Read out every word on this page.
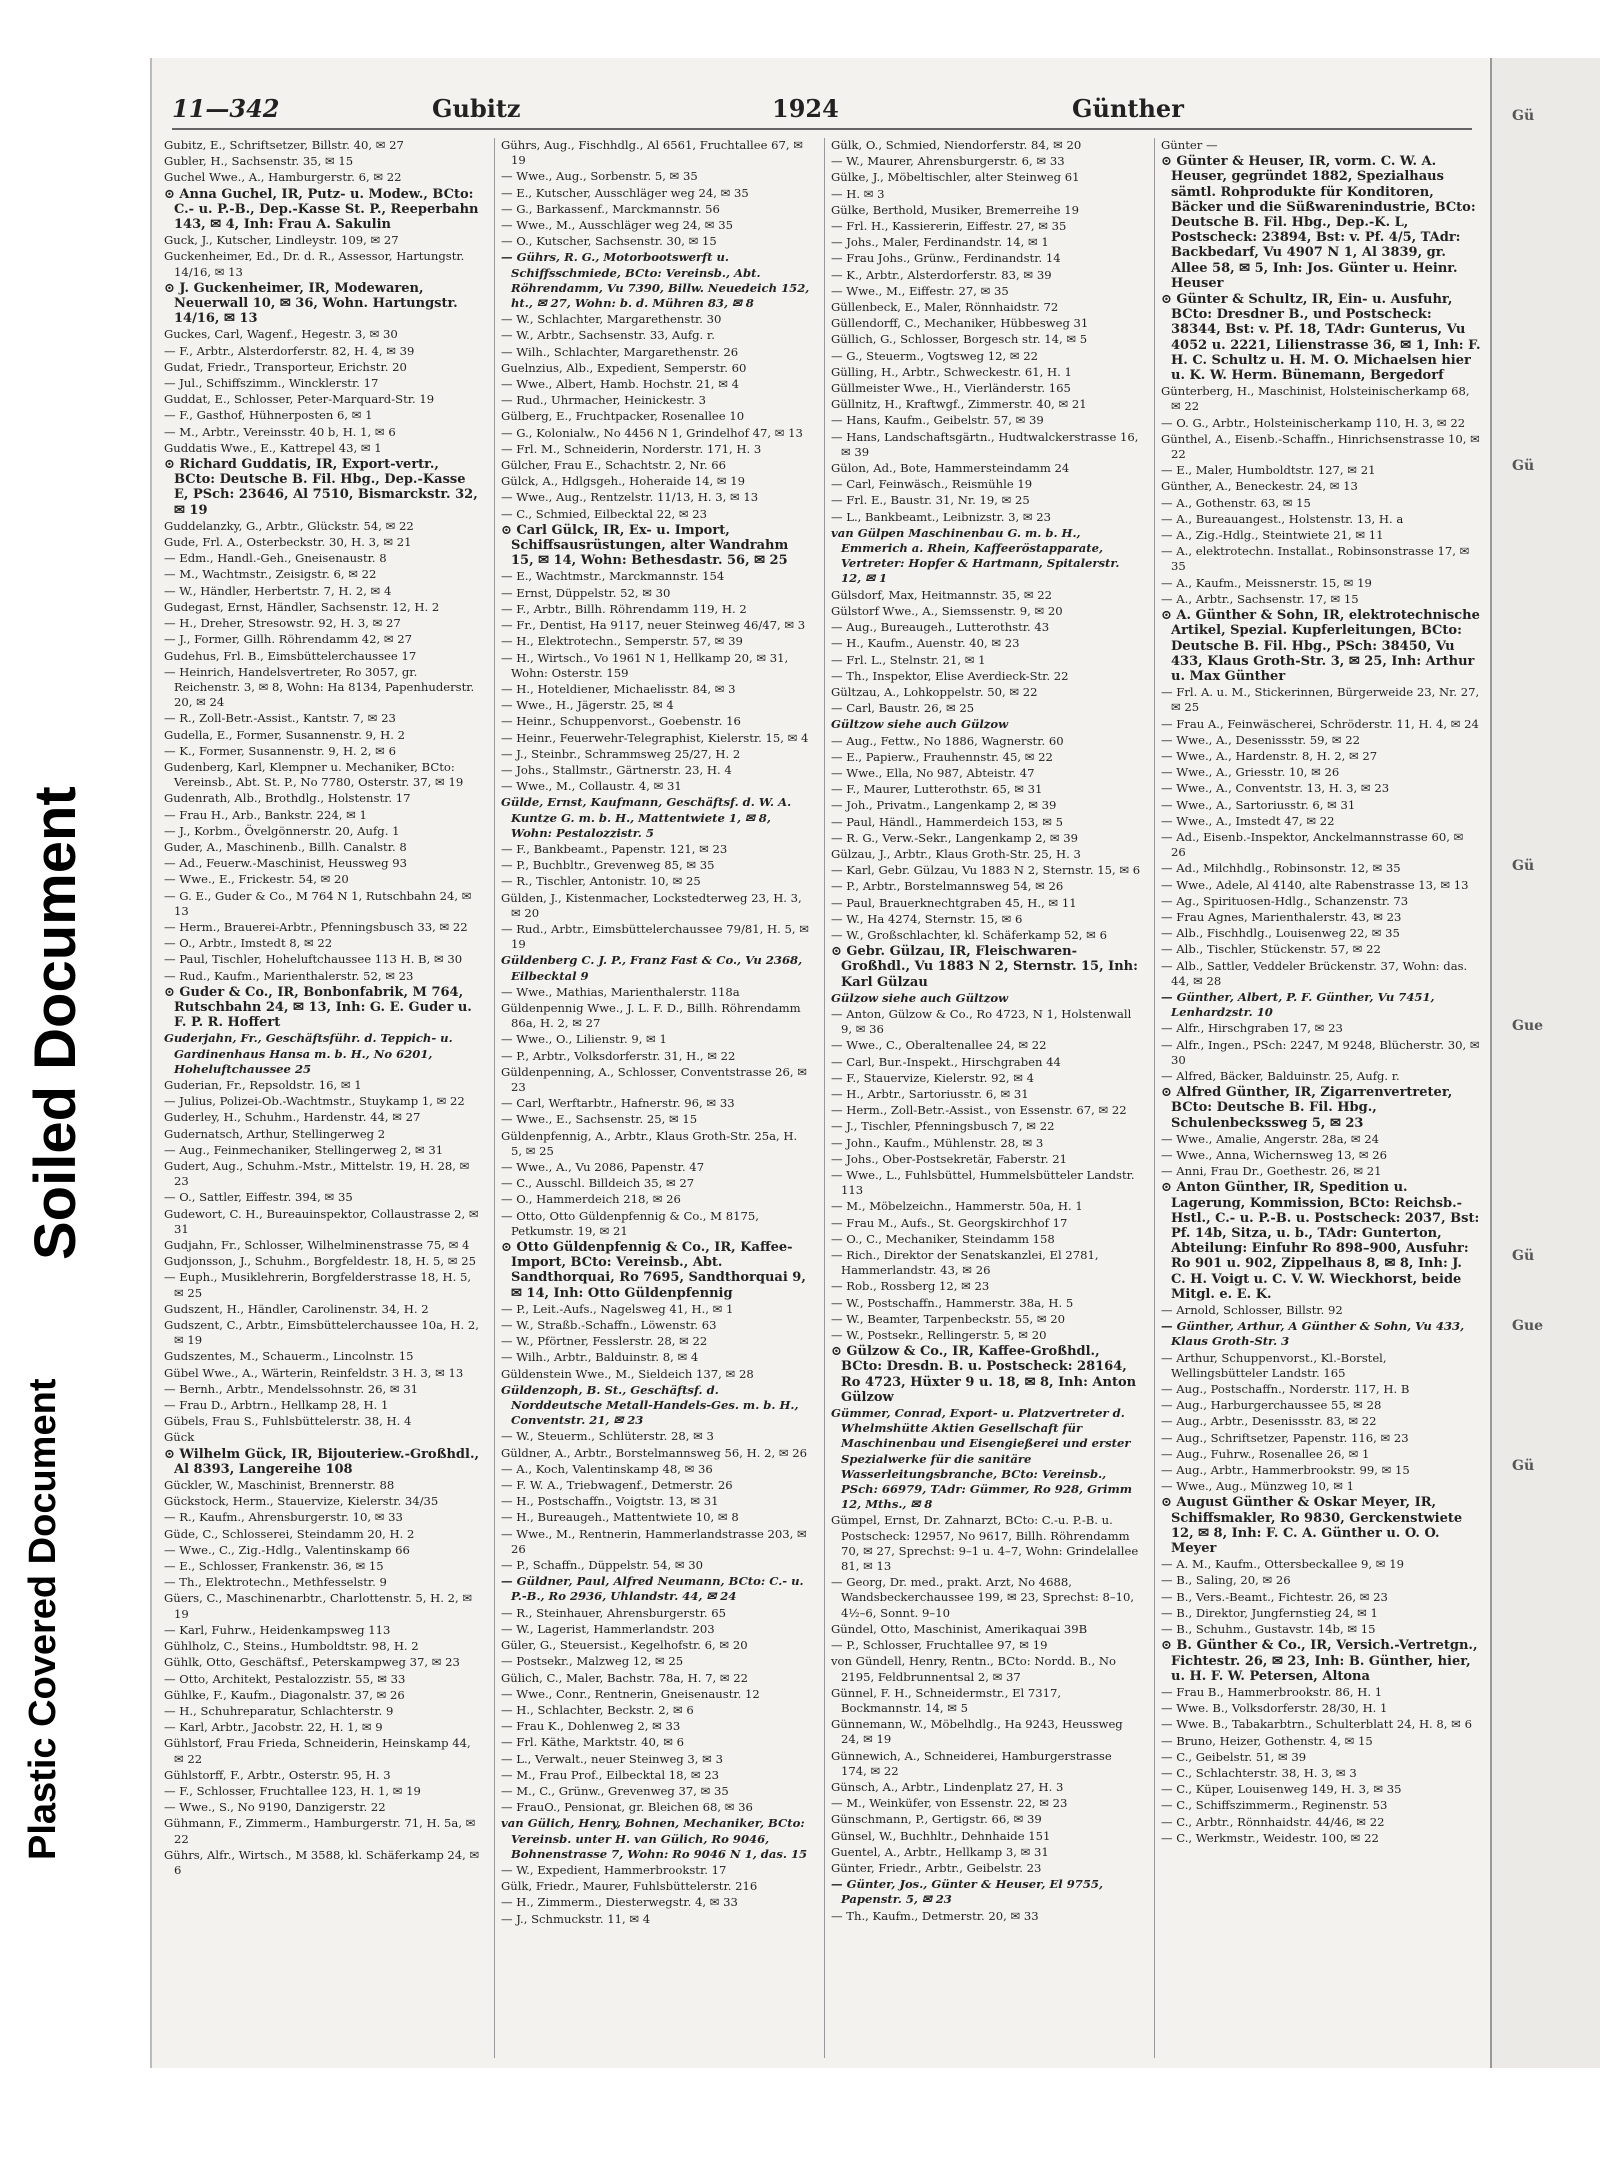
Plastic Covered Document
Soiled Document
11—342	Gubitz	1924	Günther

Gubitz, E., Schriftsetzer, Billstr. 40, ✉ 27

Gubler, H., Sachsenstr. 35, ✉ 15

Guchel Wwe., A., Hamburgerstr. 6, ✉ 22

⊙ Anna Guchel, IR, Putz- u. Modew., BCto: C.- u. P.-B., Dep.-Kasse St. P., Reeperbahn 143, ✉ 4, Inh: Frau A. Sakulin

Guck, J., Kutscher, Lindleystr. 109, ✉ 27

Guckenheimer, Ed., Dr. d. R., Assessor, Hartungstr. 14/16, ✉ 13

⊙ J. Guckenheimer, IR, Modewaren, Neuerwall 10, ✉ 36, Wohn. Hartungstr. 14/16, ✉ 13

Guckes, Carl, Wagenf., Hegestr. 3, ✉ 30

— F., Arbtr., Alsterdorferstr. 82, H. 4, ✉ 39

Gudat, Friedr., Transporteur, Erichstr. 20

— Jul., Schiffszimm., Wincklerstr. 17

Guddat, E., Schlosser, Peter-Marquard-Str. 19

— F., Gasthof, Hühnerposten 6, ✉ 1

— M., Arbtr., Vereinsstr. 40 b, H. 1, ✉ 6

Guddatis Wwe., E., Kattrepel 43, ✉ 1

⊙ Richard Guddatis, IR, Export-vertr., BCto: Deutsche B. Fil. Hbg., Dep.-Kasse E, PSch: 23646, Al 7510, Bismarckstr. 32, ✉ 19

Guddelanzky, G., Arbtr., Glückstr. 54, ✉ 22

Gude, Frl. A., Osterbeckstr. 30, H. 3, ✉ 21

— Edm., Handl.-Geh., Gneisenaustr. 8

— M., Wachtmstr., Zeisigstr. 6, ✉ 22

— W., Händler, Herbertstr. 7, H. 2, ✉ 4

Gudegast, Ernst, Händler, Sachsenstr. 12, H. 2

— H., Dreher, Stresowstr. 92, H. 3, ✉ 27

— J., Former, Gillh. Röhrendamm 42, ✉ 27

Gudehus, Frl. B., Eimsbüttelerchaussee 17

— Heinrich, Handelsvertreter, Ro 3057, gr. Reichenstr. 3, ✉ 8, Wohn: Ha 8134, Papenhuderstr. 20, ✉ 24

— R., Zoll-Betr.-Assist., Kantstr. 7, ✉ 23

Gudella, E., Former, Susannenstr. 9, H. 2

— K., Former, Susannenstr. 9, H. 2, ✉ 6

Gudenberg, Karl, Klempner u. Mechaniker, BCto: Vereinsb., Abt. St. P., No 7780, Osterstr. 37, ✉ 19

Gudenrath, Alb., Brothdlg., Holstenstr. 17

— Frau H., Arb., Bankstr. 224, ✉ 1

— J., Korbm., Övelgönnerstr. 20, Aufg. 1

Guder, A., Maschinenb., Billh. Canalstr. 8

— Ad., Feuerw.-Maschinist, Heussweg 93

— Wwe., E., Frickestr. 54, ✉ 20

— G. E., Guder & Co., M 764 N 1, Rutschbahn 24, ✉ 13

— Herm., Brauerei-Arbtr., Pfenningsbusch 33, ✉ 22

— O., Arbtr., Imstedt 8, ✉ 22

— Paul, Tischler, Hoheluftchaussee 113 H. B, ✉ 30

— Rud., Kaufm., Marienthalerstr. 52, ✉ 23

⊙ Guder & Co., IR, Bonbonfabrik, M 764, Rutschbahn 24, ✉ 13, Inh: G. E. Guder u. F. P. R. Hoffert

Guderjahn, Fr., Geschäftsführ. d. Teppich- u. Gardinenhaus Hansa m. b. H., No 6201, Hoheluftchaussee 25

Guderian, Fr., Repsoldstr. 16, ✉ 1

— Julius, Polizei-Ob.-Wachtmstr., Stuykamp 1, ✉ 22

Guderley, H., Schuhm., Hardenstr. 44, ✉ 27

Gudernatsch, Arthur, Stellingerweg 2

— Aug., Feinmechaniker, Stellingerweg 2, ✉ 31

Gudert, Aug., Schuhm.-Mstr., Mittelstr. 19, H. 28, ✉ 23

— O., Sattler, Eiffestr. 394, ✉ 35

Gudewort, C. H., Bureauinspektor, Collaustrasse 2, ✉ 31

Gudjahn, Fr., Schlosser, Wilhelminenstrasse 75, ✉ 4

Gudjonsson, J., Schuhm., Borgfeldestr. 18, H. 5, ✉ 25

— Euph., Musiklehrerin, Borgfelderstrasse 18, H. 5, ✉ 25

Gudszent, H., Händler, Carolinenstr. 34, H. 2

Gudszent, C., Arbtr., Eimsbüttelerchaussee 10a, H. 2, ✉ 19

Gudszentes, M., Schauerm., Lincolnstr. 15

Gübel Wwe., A., Wärterin, Reinfeldstr. 3 H. 3, ✉ 13

— Bernh., Arbtr., Mendelssohnstr. 26, ✉ 31

— Frau D., Arbtrn., Hellkamp 28, H. 1

Gübels, Frau S., Fuhlsbüttelerstr. 38, H. 4

Gück

⊙ Wilhelm Gück, IR, Bijouteriew.-Großhdl., Al 8393, Langereihe 108

Gückler, W., Maschinist, Brennerstr. 88

Gückstock, Herm., Stauervize, Kielerstr. 34/35

— R., Kaufm., Ahrensburgerstr. 10, ✉ 33

Güde, C., Schlosserei, Steindamm 20, H. 2

— Wwe., C., Zig.-Hdlg., Valentinskamp 66

— E., Schlosser, Frankenstr. 36, ✉ 15

— Th., Elektrotechn., Methfesselstr. 9

Güers, C., Maschinenarbtr., Charlottenstr. 5, H. 2, ✉ 19

— Karl, Fuhrw., Heidenkampsweg 113

Gühlholz, C., Steins., Humboldtstr. 98, H. 2

Gühlk, Otto, Geschäftsf., Peterskampweg 37, ✉ 23

— Otto, Architekt, Pestalozzistr. 55, ✉ 33

Gühlke, F., Kaufm., Diagonalstr. 37, ✉ 26

— H., Schuhreparatur, Schlachterstr. 9

— Karl, Arbtr., Jacobstr. 22, H. 1, ✉ 9

Gühlstorf, Frau Frieda, Schneiderin, Heinskamp 44, ✉ 22

Gühlstorff, F., Arbtr., Osterstr. 95, H. 3

— F., Schlosser, Fruchtallee 123, H. 1, ✉ 19

— Wwe., S., No 9190, Danzigerstr. 22

Gühmann, F., Zimmerm., Hamburgerstr. 71, H. 5a, ✉ 22

Gührs, Alfr., Wirtsch., M 3588, kl. Schäferkamp 24, ✉ 6

Gührs, Aug., Fischhdlg., Al 6561, Fruchtallee 67, ✉ 19

— Wwe., Aug., Sorbenstr. 5, ✉ 35

— E., Kutscher, Ausschläger weg 24, ✉ 35

— G., Barkassenf., Marckmannstr. 56

— Wwe., M., Ausschläger weg 24, ✉ 35

— O., Kutscher, Sachsenstr. 30, ✉ 15

— Gührs, R. G., Motorbootswerft u. Schiffsschmiede, BCto: Vereinsb., Abt. Röhrendamm, Vu 7390, Billw. Neuedeich 152, ht., ✉ 27, Wohn: b. d. Mühren 83, ✉ 8

— W., Schlachter, Margarethenstr. 30

— W., Arbtr., Sachsenstr. 33, Aufg. r.

— Wilh., Schlachter, Margarethenstr. 26

Guelnzius, Alb., Expedient, Semperstr. 60

— Wwe., Albert, Hamb. Hochstr. 21, ✉ 4

— Rud., Uhrmacher, Heinickestr. 3

Gülberg, E., Fruchtpacker, Rosenallee 10

— G., Kolonialw., No 4456 N 1, Grindelhof 47, ✉ 13

— Frl. M., Schneiderin, Norderstr. 171, H. 3

Gülcher, Frau E., Schachtstr. 2, Nr. 66

Gülck, A., Hdlgsgeh., Hoheraide 14, ✉ 19

— Wwe., Aug., Rentzelstr. 11/13, H. 3, ✉ 13

— C., Schmied, Eilbecktal 22, ✉ 23

⊙ Carl Gülck, IR, Ex- u. Import, Schiffsausrüstungen, alter Wandrahm 15, ✉ 14, Wohn: Bethesdastr. 56, ✉ 25

— E., Wachtmstr., Marckmannstr. 154

— Ernst, Düppelstr. 52, ✉ 30

— F., Arbtr., Billh. Röhrendamm 119, H. 2

— Fr., Dentist, Ha 9117, neuer Steinweg 46/47, ✉ 3

— H., Elektrotechn., Semperstr. 57, ✉ 39

— H., Wirtsch., Vo 1961 N 1, Hellkamp 20, ✉ 31, Wohn: Osterstr. 159

— H., Hoteldiener, Michaelisstr. 84, ✉ 3

— Wwe., H., Jägerstr. 25, ✉ 4

— Heinr., Schuppenvorst., Goebenstr. 16

— Heinr., Feuerwehr-Telegraphist, Kielerstr. 15, ✉ 4

— J., Steinbr., Schrammsweg 25/27, H. 2

— Johs., Stallmstr., Gärtnerstr. 23, H. 4

— Wwe., M., Collaustr. 4, ✉ 31

Gülde, Ernst, Kaufmann, Geschäftsf. d. W. A. Kuntze G. m. b. H., Mattentwiete 1, ✉ 8, Wohn: Pestalozzistr. 5

— F., Bankbeamt., Papenstr. 121, ✉ 23

— P., Buchbltr., Grevenweg 85, ✉ 35

— R., Tischler, Antonistr. 10, ✉ 25

Gülden, J., Kistenmacher, Lockstedterweg 23, H. 3, ✉ 20

— Rud., Arbtr., Eimsbüttelerchaussee 79/81, H. 5, ✉ 19

Güldenberg C. J. P., Franz Fast & Co., Vu 2368, Eilbecktal 9

— Wwe., Mathias, Marienthalerstr. 118a

Güldenpennig Wwe., J. L. F. D., Billh. Röhrendamm 86a, H. 2, ✉ 27

— Wwe., O., Lilienstr. 9, ✉ 1

— P., Arbtr., Volksdorferstr. 31, H., ✉ 22

Güldenpenning, A., Schlosser, Conventstrasse 26, ✉ 23

— Carl, Werftarbtr., Hafnerstr. 96, ✉ 33

— Wwe., E., Sachsenstr. 25, ✉ 15

Güldenpfennig, A., Arbtr., Klaus Groth-Str. 25a, H. 5, ✉ 25

— Wwe., A., Vu 2086, Papenstr. 47

— C., Ausschl. Billdeich 35, ✉ 27

— O., Hammerdeich 218, ✉ 26

— Otto, Otto Güldenpfennig & Co., M 8175, Petkumstr. 19, ✉ 21

⊙ Otto Güldenpfennig & Co., IR, Kaffee-Import, BCto: Vereinsb., Abt. Sandthorquai, Ro 7695, Sandthorquai 9, ✉ 14, Inh: Otto Güldenpfennig

— P., Leit.-Aufs., Nagelsweg 41, H., ✉ 1

— W., Straßb.-Schaffn., Löwenstr. 63

— W., Pförtner, Fesslerstr. 28, ✉ 22

— Wilh., Arbtr., Balduinstr. 8, ✉ 4

Güldenstein Wwe., M., Sieldeich 137, ✉ 28

Güldenzoph, B. St., Geschäftsf. d. Norddeutsche Metall-Handels-Ges. m. b. H., Conventstr. 21, ✉ 23

— W., Steuerm., Schlüterstr. 28, ✉ 3

Güldner, A., Arbtr., Borstelmannsweg 56, H. 2, ✉ 26

— A., Koch, Valentinskamp 48, ✉ 36

— F. W. A., Triebwagenf., Detmerstr. 26

— H., Postschaffn., Voigtstr. 13, ✉ 31

— H., Bureaugeh., Mattentwiete 10, ✉ 8

— Wwe., M., Rentnerin, Hammerlandstrasse 203, ✉ 26

— P., Schaffn., Düppelstr. 54, ✉ 30

— Güldner, Paul, Alfred Neumann, BCto: C.- u. P.-B., Ro 2936, Uhlandstr. 44, ✉ 24

— R., Steinhauer, Ahrensburgerstr. 65

— W., Lagerist, Hammerlandstr. 203

Güler, G., Steuersist., Kegelhofstr. 6, ✉ 20

— Postsekr., Malzweg 12, ✉ 25

Gülich, C., Maler, Bachstr. 78a, H. 7, ✉ 22

— Wwe., Conr., Rentnerin, Gneisenaustr. 12

— H., Schlachter, Beckstr. 2, ✉ 6

— Frau K., Dohlenweg 2, ✉ 33

— Frl. Käthe, Marktstr. 40, ✉ 6

— L., Verwalt., neuer Steinweg 3, ✉ 3

— M., Frau Prof., Eilbecktal 18, ✉ 23

— M., C., Grünw., Grevenweg 37, ✉ 35

— FrauO., Pensionat, gr. Bleichen 68, ✉ 36

van Gülich, Henry, Bohnen, Mechaniker, BCto: Vereinsb. unter H. van Gülich, Ro 9046, Bohnenstrasse 7, Wohn: Ro 9046 N 1, das. 15

— W., Expedient, Hammerbrookstr. 17

Gülk, Friedr., Maurer, Fuhlsbüttelerstr. 216

— H., Zimmerm., Diesterwegstr. 4, ✉ 33

— J., Schmuckstr. 11, ✉ 4

Gülk, O., Schmied, Niendorferstr. 84, ✉ 20

— W., Maurer, Ahrensburgerstr. 6, ✉ 33

Gülke, J., Möbeltischler, alter Steinweg 61

— H. ✉ 3

Gülke, Berthold, Musiker, Bremerreihe 19

— Frl. H., Kassiererin, Eiffestr. 27, ✉ 35

— Johs., Maler, Ferdinandstr. 14, ✉ 1

— Frau Johs., Grünw., Ferdinandstr. 14

— K., Arbtr., Alsterdorferstr. 83, ✉ 39

— Wwe., M., Eiffestr. 27, ✉ 35

Güllenbeck, E., Maler, Rönnhaidstr. 72

Güllendorff, C., Mechaniker, Hübbesweg 31

Güllich, G., Schlosser, Borgesch str. 14, ✉ 5

— G., Steuerm., Vogtsweg 12, ✉ 22

Gülling, H., Arbtr., Schweckestr. 61, H. 1

Güllmeister Wwe., H., Vierländerstr. 165

Güllnitz, H., Kraftwgf., Zimmerstr. 40, ✉ 21

— Hans, Kaufm., Geibelstr. 57, ✉ 39

— Hans, Landschaftsgärtn., Hudtwalckerstrasse 16, ✉ 39

Gülon, Ad., Bote, Hammersteindamm 24

— Carl, Feinwäsch., Reismühle 19

— Frl. E., Baustr. 31, Nr. 19, ✉ 25

— L., Bankbeamt., Leibnizstr. 3, ✉ 23

van Gülpen Maschinenbau G. m. b. H., Emmerich a. Rhein, Kaffeeröstapparate, Vertreter: Hopfer & Hartmann, Spitalerstr. 12, ✉ 1

Gülsdorf, Max, Heitmannstr. 35, ✉ 22

Gülstorf Wwe., A., Siemssenstr. 9, ✉ 20

— Aug., Bureaugeh., Lutterothstr. 43

— H., Kaufm., Auenstr. 40, ✉ 23

— Frl. L., Stelnstr. 21, ✉ 1

— Th., Inspektor, Elise Averdieck-Str. 22

Gültzau, A., Lohkoppelstr. 50, ✉ 22

— Carl, Baustr. 26, ✉ 25

Gültzow siehe auch Gülzow

— Aug., Fettw., No 1886, Wagnerstr. 60

— E., Papierw., Frauhennstr. 45, ✉ 22

— Wwe., Ella, No 987, Abteistr. 47

— F., Maurer, Lutterothstr. 65, ✉ 31

— Joh., Privatm., Langenkamp 2, ✉ 39

— Paul, Händl., Hammerdeich 153, ✉ 5

— R. G., Verw.-Sekr., Langenkamp 2, ✉ 39

Gülzau, J., Arbtr., Klaus Groth-Str. 25, H. 3

— Karl, Gebr. Gülzau, Vu 1883 N 2, Sternstr. 15, ✉ 6

— P., Arbtr., Borstelmannsweg 54, ✉ 26

— Paul, Brauerknechtgraben 45, H., ✉ 11

— W., Ha 4274, Sternstr. 15, ✉ 6

— W., Großschlachter, kl. Schäferkamp 52, ✉ 6

⊙ Gebr. Gülzau, IR, Fleischwaren-Großhdl., Vu 1883 N 2, Sternstr. 15, Inh: Karl Gülzau

Gülzow siehe auch Gültzow

— Anton, Gülzow & Co., Ro 4723, N 1, Holstenwall 9, ✉ 36

— Wwe., C., Oberaltenallee 24, ✉ 22

— Carl, Bur.-Inspekt., Hirschgraben 44

— F., Stauervize, Kielerstr. 92, ✉ 4

— H., Arbtr., Sartoriusstr. 6, ✉ 31

— Herm., Zoll-Betr.-Assist., von Essenstr. 67, ✉ 22

— J., Tischler, Pfenningsbusch 7, ✉ 22

— John., Kaufm., Mühlenstr. 28, ✉ 3

— Johs., Ober-Postsekretär, Faberstr. 21

— Wwe., L., Fuhlsbüttel, Hummelsbütteler Landstr. 113

— M., Möbelzeichn., Hammerstr. 50a, H. 1

— Frau M., Aufs., St. Georgskirchhof 17

— O., C., Mechaniker, Steindamm 158

— Rich., Direktor der Senatskanzlei, El 2781, Hammerlandstr. 43, ✉ 26

— Rob., Rossberg 12, ✉ 23

— W., Postschaffn., Hammerstr. 38a, H. 5

— W., Beamter, Tarpenbeckstr. 55, ✉ 20

— W., Postsekr., Rellingerstr. 5, ✉ 20

⊙ Gülzow & Co., IR, Kaffee-Großhdl., BCto: Dresdn. B. u. Postscheck: 28164, Ro 4723, Hüxter 9 u. 18, ✉ 8, Inh: Anton Gülzow

Gümmer, Conrad, Export- u. Platzvertreter d. Whelmshütte Aktien Gesellschaft für Maschinenbau und Eisengießerei und erster Spezialwerke für die sanitäre Wasserleitungsbranche, BCto: Vereinsb., PSch: 66979, TAdr: Gümmer, Ro 928, Grimm 12, Mths., ✉ 8

Gümpel, Ernst, Dr. Zahnarzt, BCto: C.-u. P.-B. u. Postscheck: 12957, No 9617, Billh. Röhrendamm 70, ✉ 27, Sprechst: 9–1 u. 4–7, Wohn: Grindelallee 81, ✉ 13

— Georg, Dr. med., prakt. Arzt, No 4688, Wandsbeckerchaussee 199, ✉ 23, Sprechst: 8–10, 4½–6, Sonnt. 9–10

Gündel, Otto, Maschinist, Amerikaquai 39B

— P., Schlosser, Fruchtallee 97, ✉ 19

von Gündell, Henry, Rentn., BCto: Nordd. B., No 2195, Feldbrunnentsal 2, ✉ 37

Günnel, F. H., Schneidermstr., El 7317, Bockmannstr. 14, ✉ 5

Günnemann, W., Möbelhdlg., Ha 9243, Heussweg 24, ✉ 19

Günnewich, A., Schneiderei, Hamburgerstrasse 174, ✉ 22

Günsch, A., Arbtr., Lindenplatz 27, H. 3

— M., Weinküfer, von Essenstr. 22, ✉ 23

Günschmann, P., Gertigstr. 66, ✉ 39

Günsel, W., Buchhltr., Dehnhaide 151

Guentel, A., Arbtr., Hellkamp 3, ✉ 31

Günter, Friedr., Arbtr., Geibelstr. 23

— Günter, Jos., Günter & Heuser, El 9755, Papenstr. 5, ✉ 23

— Th., Kaufm., Detmerstr. 20, ✉ 33

Günter —

⊙ Günter & Heuser, IR, vorm. C. W. A. Heuser, gegründet 1882, Spezialhaus sämtl. Rohprodukte für Konditoren, Bäcker und die Süßwarenindustrie, BCto: Deutsche B. Fil. Hbg., Dep.-K. L, Postscheck: 23894, Bst: v. Pf. 4/5, TAdr: Backbedarf, Vu 4907 N 1, Al 3839, gr. Allee 58, ✉ 5, Inh: Jos. Günter u. Heinr. Heuser

⊙ Günter & Schultz, IR, Ein- u. Ausfuhr, BCto: Dresdner B., und Postscheck: 38344, Bst: v. Pf. 18, TAdr: Gunterus, Vu 4052 u. 2221, Lilienstrasse 36, ✉ 1, Inh: F. H. C. Schultz u. H. M. O. Michaelsen hier u. K. W. Herm. Bünemann, Bergedorf

Günterberg, H., Maschinist, Holsteinischerkamp 68, ✉ 22

— O. G., Arbtr., Holsteinischerkamp 110, H. 3, ✉ 22

Günthel, A., Eisenb.-Schaffn., Hinrichsenstrasse 10, ✉ 22

— E., Maler, Humboldtstr. 127, ✉ 21

Günther, A., Beneckestr. 24, ✉ 13

— A., Gothenstr. 63, ✉ 15

— A., Bureauangest., Holstenstr. 13, H. a

— A., Zig.-Hdlg., Steintwiete 21, ✉ 11

— A., elektrotechn. Installat., Robinsonstrasse 17, ✉ 35

— A., Kaufm., Meissnerstr. 15, ✉ 19

— A., Arbtr., Sachsenstr. 17, ✉ 15

⊙ A. Günther & Sohn, IR, elektrotechnische Artikel, Spezial. Kupferleitungen, BCto: Deutsche B. Fil. Hbg., PSch: 38450, Vu 433, Klaus Groth-Str. 3, ✉ 25, Inh: Arthur u. Max Günther

— Frl. A. u. M., Stickerinnen, Bürgerweide 23, Nr. 27, ✉ 25

— Frau A., Feinwäscherei, Schröderstr. 11, H. 4, ✉ 24

— Wwe., A., Desenissstr. 59, ✉ 22

— Wwe., A., Hardenstr. 8, H. 2, ✉ 27

— Wwe., A., Griesstr. 10, ✉ 26

— Wwe., A., Conventstr. 13, H. 3, ✉ 23

— Wwe., A., Sartoriusstr. 6, ✉ 31

— Wwe., A., Imstedt 47, ✉ 22

— Ad., Eisenb.-Inspektor, Anckelmannstrasse 60, ✉ 26

— Ad., Milchhdlg., Robinsonstr. 12, ✉ 35

— Wwe., Adele, Al 4140, alte Rabenstrasse 13, ✉ 13

— Ag., Spirituosen-Hdlg., Schanzenstr. 73

— Frau Agnes, Marienthalerstr. 43, ✉ 23

— Alb., Fischhdlg., Louisenweg 22, ✉ 35

— Alb., Tischler, Stückenstr. 57, ✉ 22

— Alb., Sattler, Veddeler Brückenstr. 37, Wohn: das. 44, ✉ 28

— Günther, Albert, P. F. Günther, Vu 7451, Lenhardzstr. 10

— Alfr., Hirschgraben 17, ✉ 23

— Alfr., Ingen., PSch: 2247, M 9248, Blücherstr. 30, ✉ 30

— Alfred, Bäcker, Balduinstr. 25, Aufg. r.

⊙ Alfred Günther, IR, Zigarrenvertreter, BCto: Deutsche B. Fil. Hbg., Schulenbeckssweg 5, ✉ 23

— Wwe., Amalie, Angerstr. 28a, ✉ 24

— Wwe., Anna, Wichernsweg 13, ✉ 26

— Anni, Frau Dr., Goethestr. 26, ✉ 21

⊙ Anton Günther, IR, Spedition u. Lagerung, Kommission, BCto: Reichsb.-Hstl., C.- u. P.-B. u. Postscheck: 2037, Bst: Pf. 14b, Sitza, u. b., TAdr: Gunterton, Abteilung: Einfuhr Ro 898–900, Ausfuhr: Ro 901 u. 902, Zippelhaus 8, ✉ 8, Inh: J. C. H. Voigt u. C. V. W. Wieckhorst, beide Mitgl. e. E. K.

— Arnold, Schlosser, Billstr. 92

— Günther, Arthur, A Günther & Sohn, Vu 433, Klaus Groth-Str. 3

— Arthur, Schuppenvorst., Kl.-Borstel, Wellingsbütteler Landstr. 165

— Aug., Postschaffn., Norderstr. 117, H. B

— Aug., Harburgerchaussee 55, ✉ 28

— Aug., Arbtr., Desenissstr. 83, ✉ 22

— Aug., Schriftsetzer, Papenstr. 116, ✉ 23

— Aug., Fuhrw., Rosenallee 26, ✉ 1

— Aug., Arbtr., Hammerbrookstr. 99, ✉ 15

— Wwe., Aug., Münzweg 10, ✉ 1

⊙ August Günther & Oskar Meyer, IR, Schiffsmakler, Ro 9830, Gerckenstwiete 12, ✉ 8, Inh: F. C. A. Günther u. O. O. Meyer

— A. M., Kaufm., Ottersbeckallee 9, ✉ 19

— B., Saling, 20, ✉ 26

— B., Vers.-Beamt., Fichtestr. 26, ✉ 23

— B., Direktor, Jungfernstieg 24, ✉ 1

— B., Schuhm., Gustavstr. 14b, ✉ 15

⊙ B. Günther & Co., IR, Versich.-Vertretgn., Fichtestr. 26, ✉ 23, Inh: B. Günther, hier, u. H. F. W. Petersen, Altona

— Frau B., Hammerbrookstr. 86, H. 1

— Wwe. B., Volksdorferstr. 28/30, H. 1

— Wwe. B., Tabakarbtrn., Schulterblatt 24, H. 8, ✉ 6

— Bruno, Heizer, Gothenstr. 4, ✉ 15

— C., Geibelstr. 51, ✉ 39

— C., Schlachterstr. 38, H. 3, ✉ 3

— C., Küper, Louisenweg 149, H. 3, ✉ 35

— C., Schiffszimmerm., Reginenstr. 53

— C., Arbtr., Rönnhaidstr. 44/46, ✉ 22

— C., Werkmstr., Weidestr. 100, ✉ 22

Gü
Gü
Gü
Gue
Gü
Gue
Gü
